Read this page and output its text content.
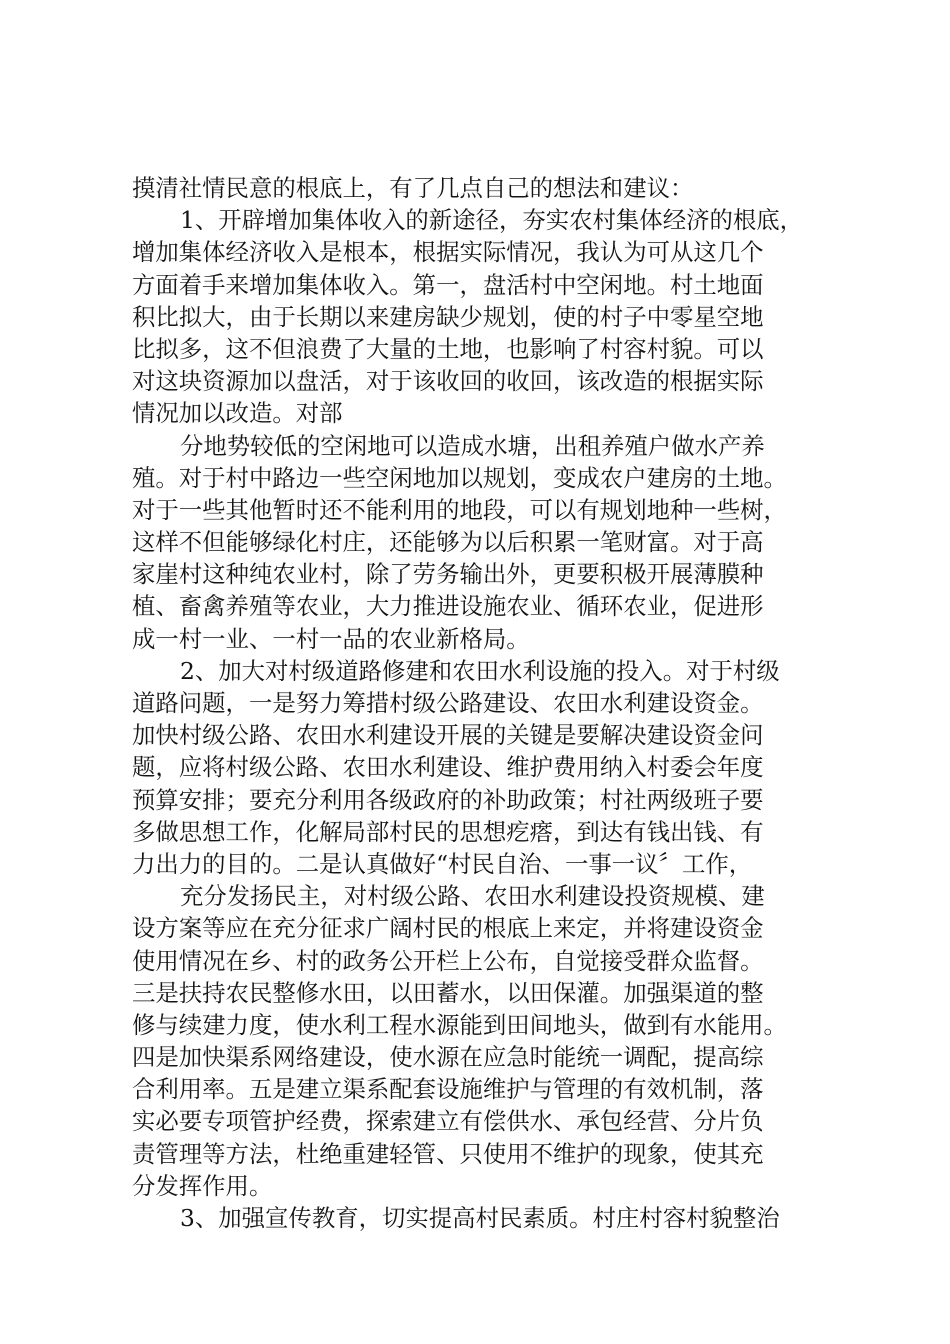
摸清社情民意的根底上，有了几点自己的想法和建议：
1、开辟增加集体收入的新途径，夯实农村集体经济的根底，
增加集体经济收入是根本，根据实际情况，我认为可从这几个
方面着手来增加集体收入。第一，盘活村中空闲地。村土地面
积比拟大，由于长期以来建房缺少规划，使的村子中零星空地
比拟多，这不但浪费了大量的土地，也影响了村容村貌。可以
对这块资源加以盘活，对于该收回的收回，该改造的根据实际
情况加以改造。对部
分地势较低的空闲地可以造成水塘，出租养殖户做水产养
殖。对于村中路边一些空闲地加以规划，变成农户建房的土地。
对于一些其他暂时还不能利用的地段，可以有规划地种一些树，
这样不但能够绿化村庄，还能够为以后积累一笔财富。对于高
家崖村这种纯农业村，除了劳务输出外，更要积极开展薄膜种
植、畜禽养殖等农业，大力推进设施农业、循环农业，促进形
成一村一业、一村一品的农业新格局。
2、加大对村级道路修建和农田水利设施的投入。对于村级
道路问题，一是努力筹措村级公路建设、农田水利建设资金。
加快村级公路、农田水利建设开展的关键是要解决建设资金问
题，应将村级公路、农田水利建设、维护费用纳入村委会年度
预算安排；要充分利用各级政府的补助政策；村社两级班子要
多做思想工作，化解局部村民的思想疙瘩，到达有钱出钱、有
力出力的目的。二是认真做好“村民自治、一事一议〞工作，
充分发扬民主，对村级公路、农田水利建设投资规模、建
设方案等应在充分征求广阔村民的根底上来定，并将建设资金
使用情况在乡、村的政务公开栏上公布，自觉接受群众监督。
三是扶持农民整修水田，以田蓄水，以田保灌。加强渠道的整
修与续建力度，使水利工程水源能到田间地头，做到有水能用。
四是加快渠系网络建设，使水源在应急时能统一调配，提高综
合利用率。五是建立渠系配套设施维护与管理的有效机制，落
实必要专项管护经费，探索建立有偿供水、承包经营、分片负
责管理等方法，杜绝重建轻管、只使用不维护的现象，使其充
分发挥作用。
3、加强宣传教育，切实提高村民素质。村庄村容村貌整治
